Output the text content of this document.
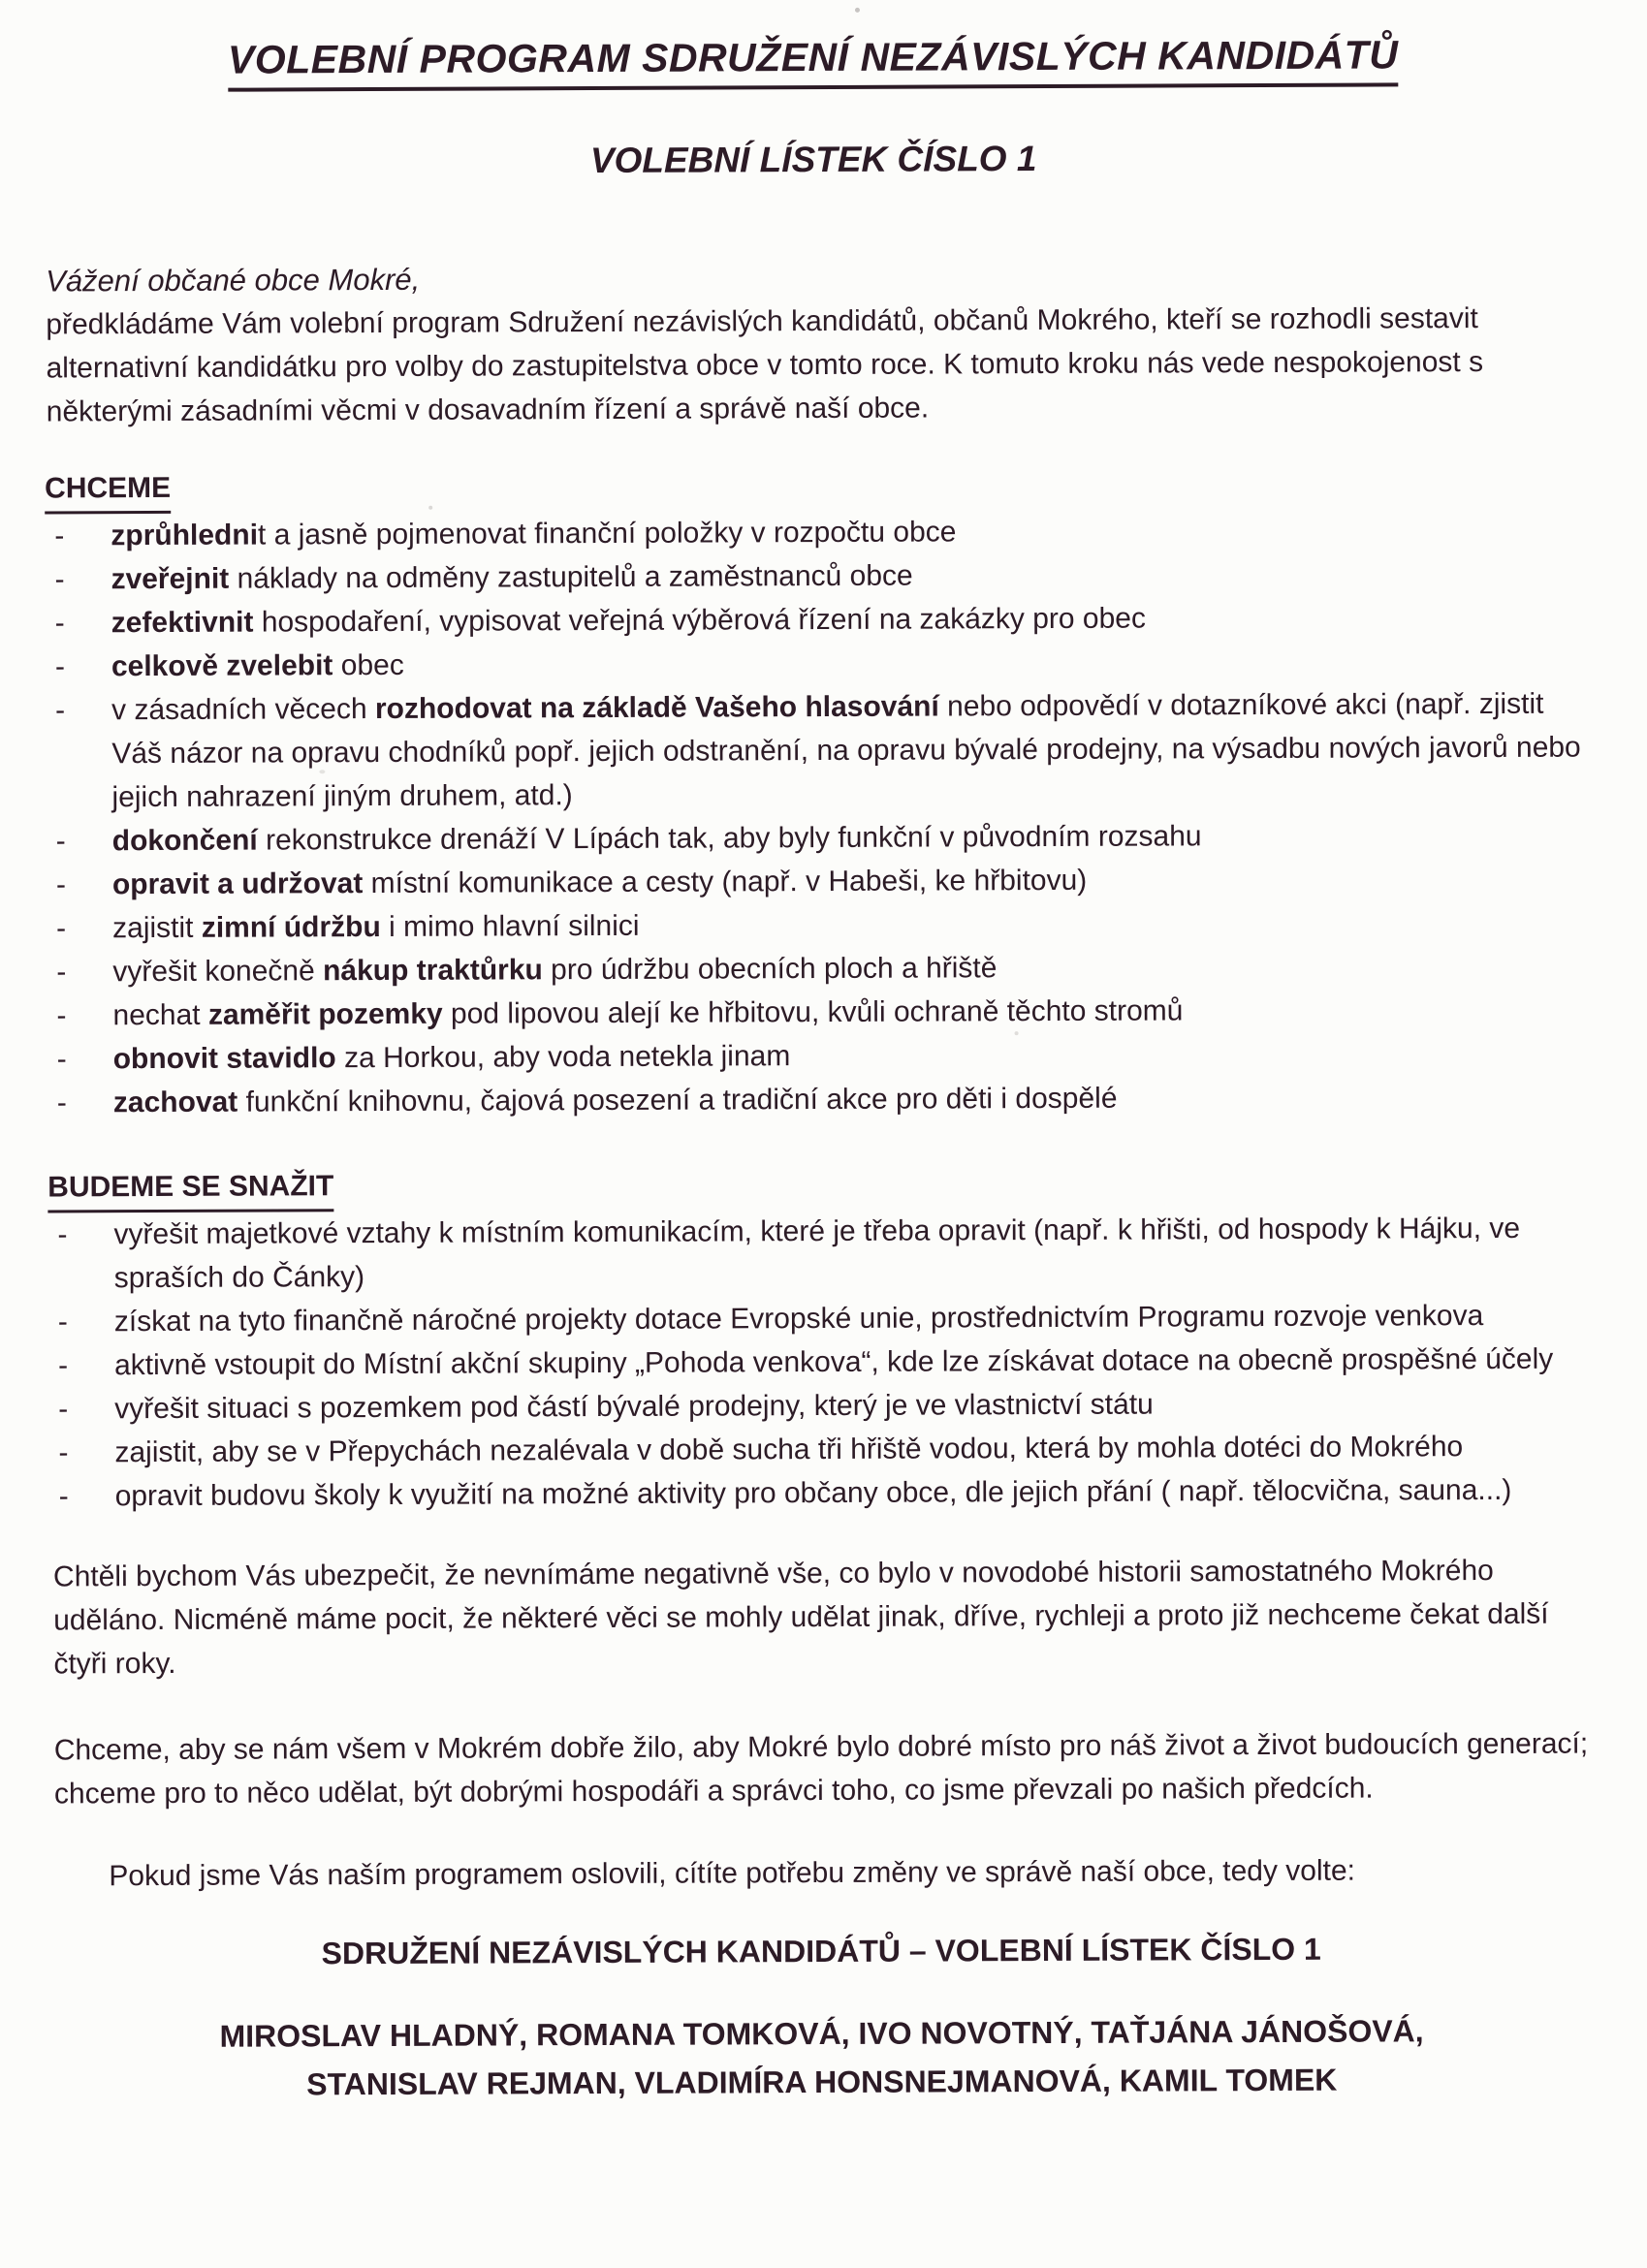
VOLEBNÍ PROGRAM SDRUŽENÍ NEZÁVISLÝCH KANDIDÁTŮ
VOLEBNÍ LÍSTEK ČÍSLO 1

Vážení občané obce Mokré,

předkládáme Vám volební program Sdružení nezávislých kandidátů, občanů Mokrého, kteří se rozhodli sestavit alternativní kandidátku pro volby do zastupitelstva obce v tomto roce. K tomuto kroku nás vede nespokojenost s některými zásadními věcmi v dosavadním řízení a správě naší obce.

CHCEME
-	zprůhlednit a jasně pojmenovat finanční položky v rozpočtu obce
-	zveřejnit náklady na odměny zastupitelů a zaměstnanců obce
-	zefektivnit hospodaření, vypisovat veřejná výběrová řízení na zakázky pro obec
-	celkově zvelebit obec
-	v zásadních věcech rozhodovat na základě Vašeho hlasování nebo odpovědí v dotazníkové akci (např. zjistit Váš názor na opravu chodníků popř. jejich odstranění, na opravu bývalé prodejny, na výsadbu nových javorů nebo jejich nahrazení jiným druhem, atd.)
-	dokončení rekonstrukce drenáží V Lípách tak, aby byly funkční v původním rozsahu
-	opravit a udržovat místní komunikace a cesty (např. v Habeši, ke hřbitovu)
-	zajistit zimní údržbu i mimo hlavní silnici
-	vyřešit konečně nákup traktůrku pro údržbu obecních ploch a hřiště
-	nechat zaměřit pozemky pod lipovou alejí ke hřbitovu, kvůli ochraně těchto stromů
-	obnovit stavidlo za Horkou, aby voda netekla jinam
-	zachovat funkční knihovnu, čajová posezení a tradiční akce pro děti i dospělé
BUDEME SE SNAŽIT
-	vyřešit majetkové vztahy k místním komunikacím, které je třeba opravit (např. k hřišti, od hospody k Hájku, ve spraších do Čánky)
-	získat na tyto finančně náročné projekty dotace Evropské unie, prostřednictvím Programu rozvoje venkova
-	aktivně vstoupit do Místní akční skupiny „Pohoda venkova“, kde lze získávat dotace na obecně prospěšné účely
-	vyřešit situaci s pozemkem pod částí bývalé prodejny, který je ve vlastnictví státu
-	zajistit, aby se v Přepychách nezalévala v době sucha tři hřiště vodou, která by mohla dotéci do Mokrého
-	opravit budovu školy k využití na možné aktivity pro občany obce, dle jejich přání ( např. tělocvična, sauna...)

Chtěli bychom Vás ubezpečit, že nevnímáme negativně vše, co bylo v novodobé historii samostatného Mokrého uděláno. Nicméně máme pocit, že některé věci se mohly udělat jinak, dříve, rychleji a proto již nechceme čekat další čtyři roky.

Chceme, aby se nám všem v Mokrém dobře žilo, aby Mokré bylo dobré místo pro náš život a život budoucích generací; chceme pro to něco udělat, být dobrými hospodáři a správci toho, co jsme převzali po našich předcích.

Pokud jsme Vás naším programem oslovili, cítíte potřebu změny ve správě naší obce, tedy volte:

SDRUŽENÍ NEZÁVISLÝCH KANDIDÁTŮ – VOLEBNÍ LÍSTEK ČÍSLO 1

MIROSLAV HLADNÝ, ROMANA TOMKOVÁ, IVO NOVOTNÝ, TAŤJÁNA JÁNOŠOVÁ,

STANISLAV REJMAN, VLADIMÍRA HONSNEJMANOVÁ, KAMIL TOMEK
